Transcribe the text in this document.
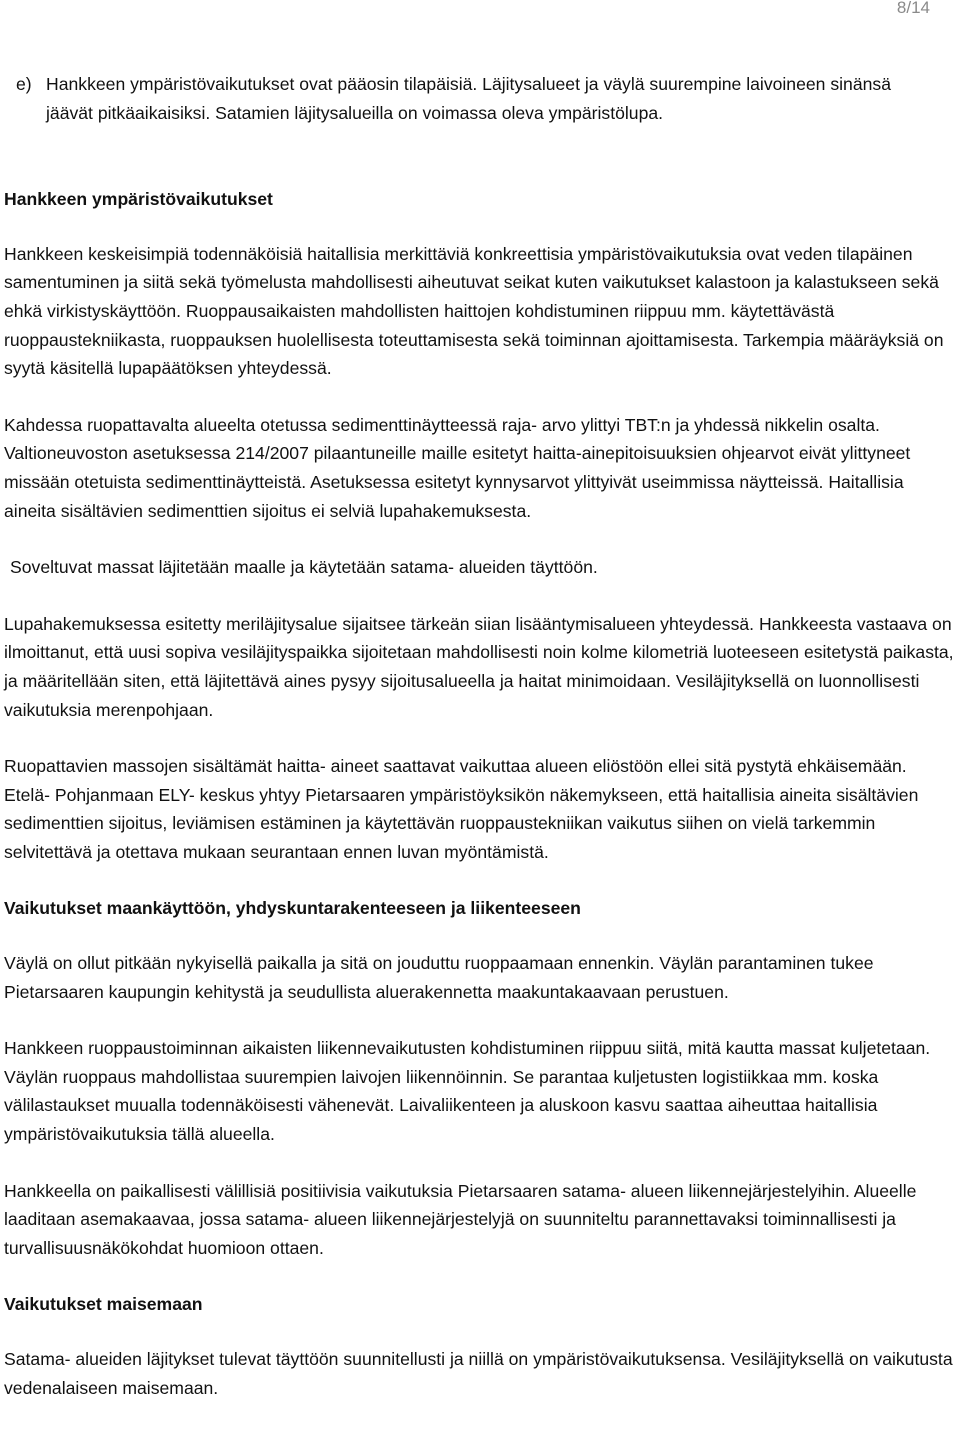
8/14
e) Hankkeen ympäristövaikutukset ovat pääosin tilapäisiä. Läjitysalueet ja väylä suurempine laivoineen sinänsä jäävät pitkäaikaisiksi. Satamien läjitysalueilla on voimassa oleva ympäristölupa.

Hankkeen ympäristövaikutukset

Hankkeen keskeisimpiä todennäköisiä haitallisia merkittäviä konkreettisia ympäristövaikutuksia ovat veden tilapäinen samentuminen ja siitä sekä työmelusta mahdollisesti aiheutuvat seikat kuten vaikutukset kalastoon ja kalastukseen sekä ehkä virkistyskäyttöön. Ruoppausaikaisten mahdollisten haittojen kohdistuminen riippuu mm. käytettävästä ruoppaustekniikasta, ruoppauksen huolellisesta toteuttamisesta sekä toiminnan ajoittamisesta. Tarkempia määräyksiä on syytä käsitellä lupapäätöksen yhteydessä.

Kahdessa ruopattavalta alueelta otetussa sedimenttinäytteessä raja- arvo ylittyi TBT:n ja yhdessä nikkelin osalta. Valtioneuvoston asetuksessa 214/2007 pilaantuneille maille esitetyt haitta-ainepitoisuuksien ohjearvot eivät ylittyneet missään otetuista sedimenttinäytteistä. Asetuksessa esitetyt kynnysarvot ylittyivät useimmissa näytteissä. Haitallisia aineita sisältävien sedimenttien sijoitus ei selviä lupahakemuksesta.

Soveltuvat massat läjitetään maalle ja käytetään satama- alueiden täyttöön.

Lupahakemuksessa esitetty meriläjitysalue sijaitsee tärkeän siian lisääntymisalueen yhteydessä. Hankkeesta vastaava on ilmoittanut, että uusi sopiva vesiläjityspaikka sijoitetaan mahdollisesti noin kolme kilometriä luoteeseen esitetystä paikasta, ja määritellään siten, että läjitettävä aines pysyy sijoitusalueella ja haitat minimoidaan. Vesiläjityksellä on luonnollisesti vaikutuksia merenpohjaan.

Ruopattavien massojen sisältämät haitta- aineet saattavat vaikuttaa alueen eliöstöön ellei sitä pystytä ehkäisemään. Etelä- Pohjanmaan ELY- keskus yhtyy Pietarsaaren ympäristöyksikön näkemykseen, että haitallisia aineita sisältävien sedimenttien sijoitus, leviämisen estäminen ja käytettävän ruoppaustekniikan vaikutus siihen on vielä tarkemmin selvitettävä ja otettava mukaan seurantaan ennen luvan myöntämistä.

Vaikutukset maankäyttöön, yhdyskuntarakenteeseen ja liikenteeseen

Väylä on ollut pitkään nykyisellä paikalla ja sitä on jouduttu ruoppaamaan ennenkin. Väylän parantaminen tukee Pietarsaaren kaupungin kehitystä ja seudullista aluerakennetta maakuntakaavaan perustuen.

Hankkeen ruoppaustoiminnan aikaisten liikennevaikutusten kohdistuminen riippuu siitä, mitä kautta massat kuljetetaan. Väylän ruoppaus mahdollistaa suurempien laivojen liikennöinnin. Se parantaa kuljetusten logistiikkaa mm. koska välilastaukset muualla todennäköisesti vähenevät. Laivaliikenteen ja aluskoon kasvu saattaa aiheuttaa haitallisia ympäristövaikutuksia tällä alueella.

Hankkeella on paikallisesti välillisiä positiivisia vaikutuksia Pietarsaaren satama- alueen liikennejärjestelyihin. Alueelle laaditaan asemakaavaa, jossa satama- alueen liikennejärjestelyjä on suunniteltu parannettavaksi toiminnallisesti ja turvallisuusnäkökohdat huomioon ottaen.

Vaikutukset maisemaan

Satama- alueiden läjitykset tulevat täyttöön suunnitellusti ja niillä on ympäristövaikutuksensa. Vesiläjityksellä on vaikutusta vedenalaiseen maisemaan.
